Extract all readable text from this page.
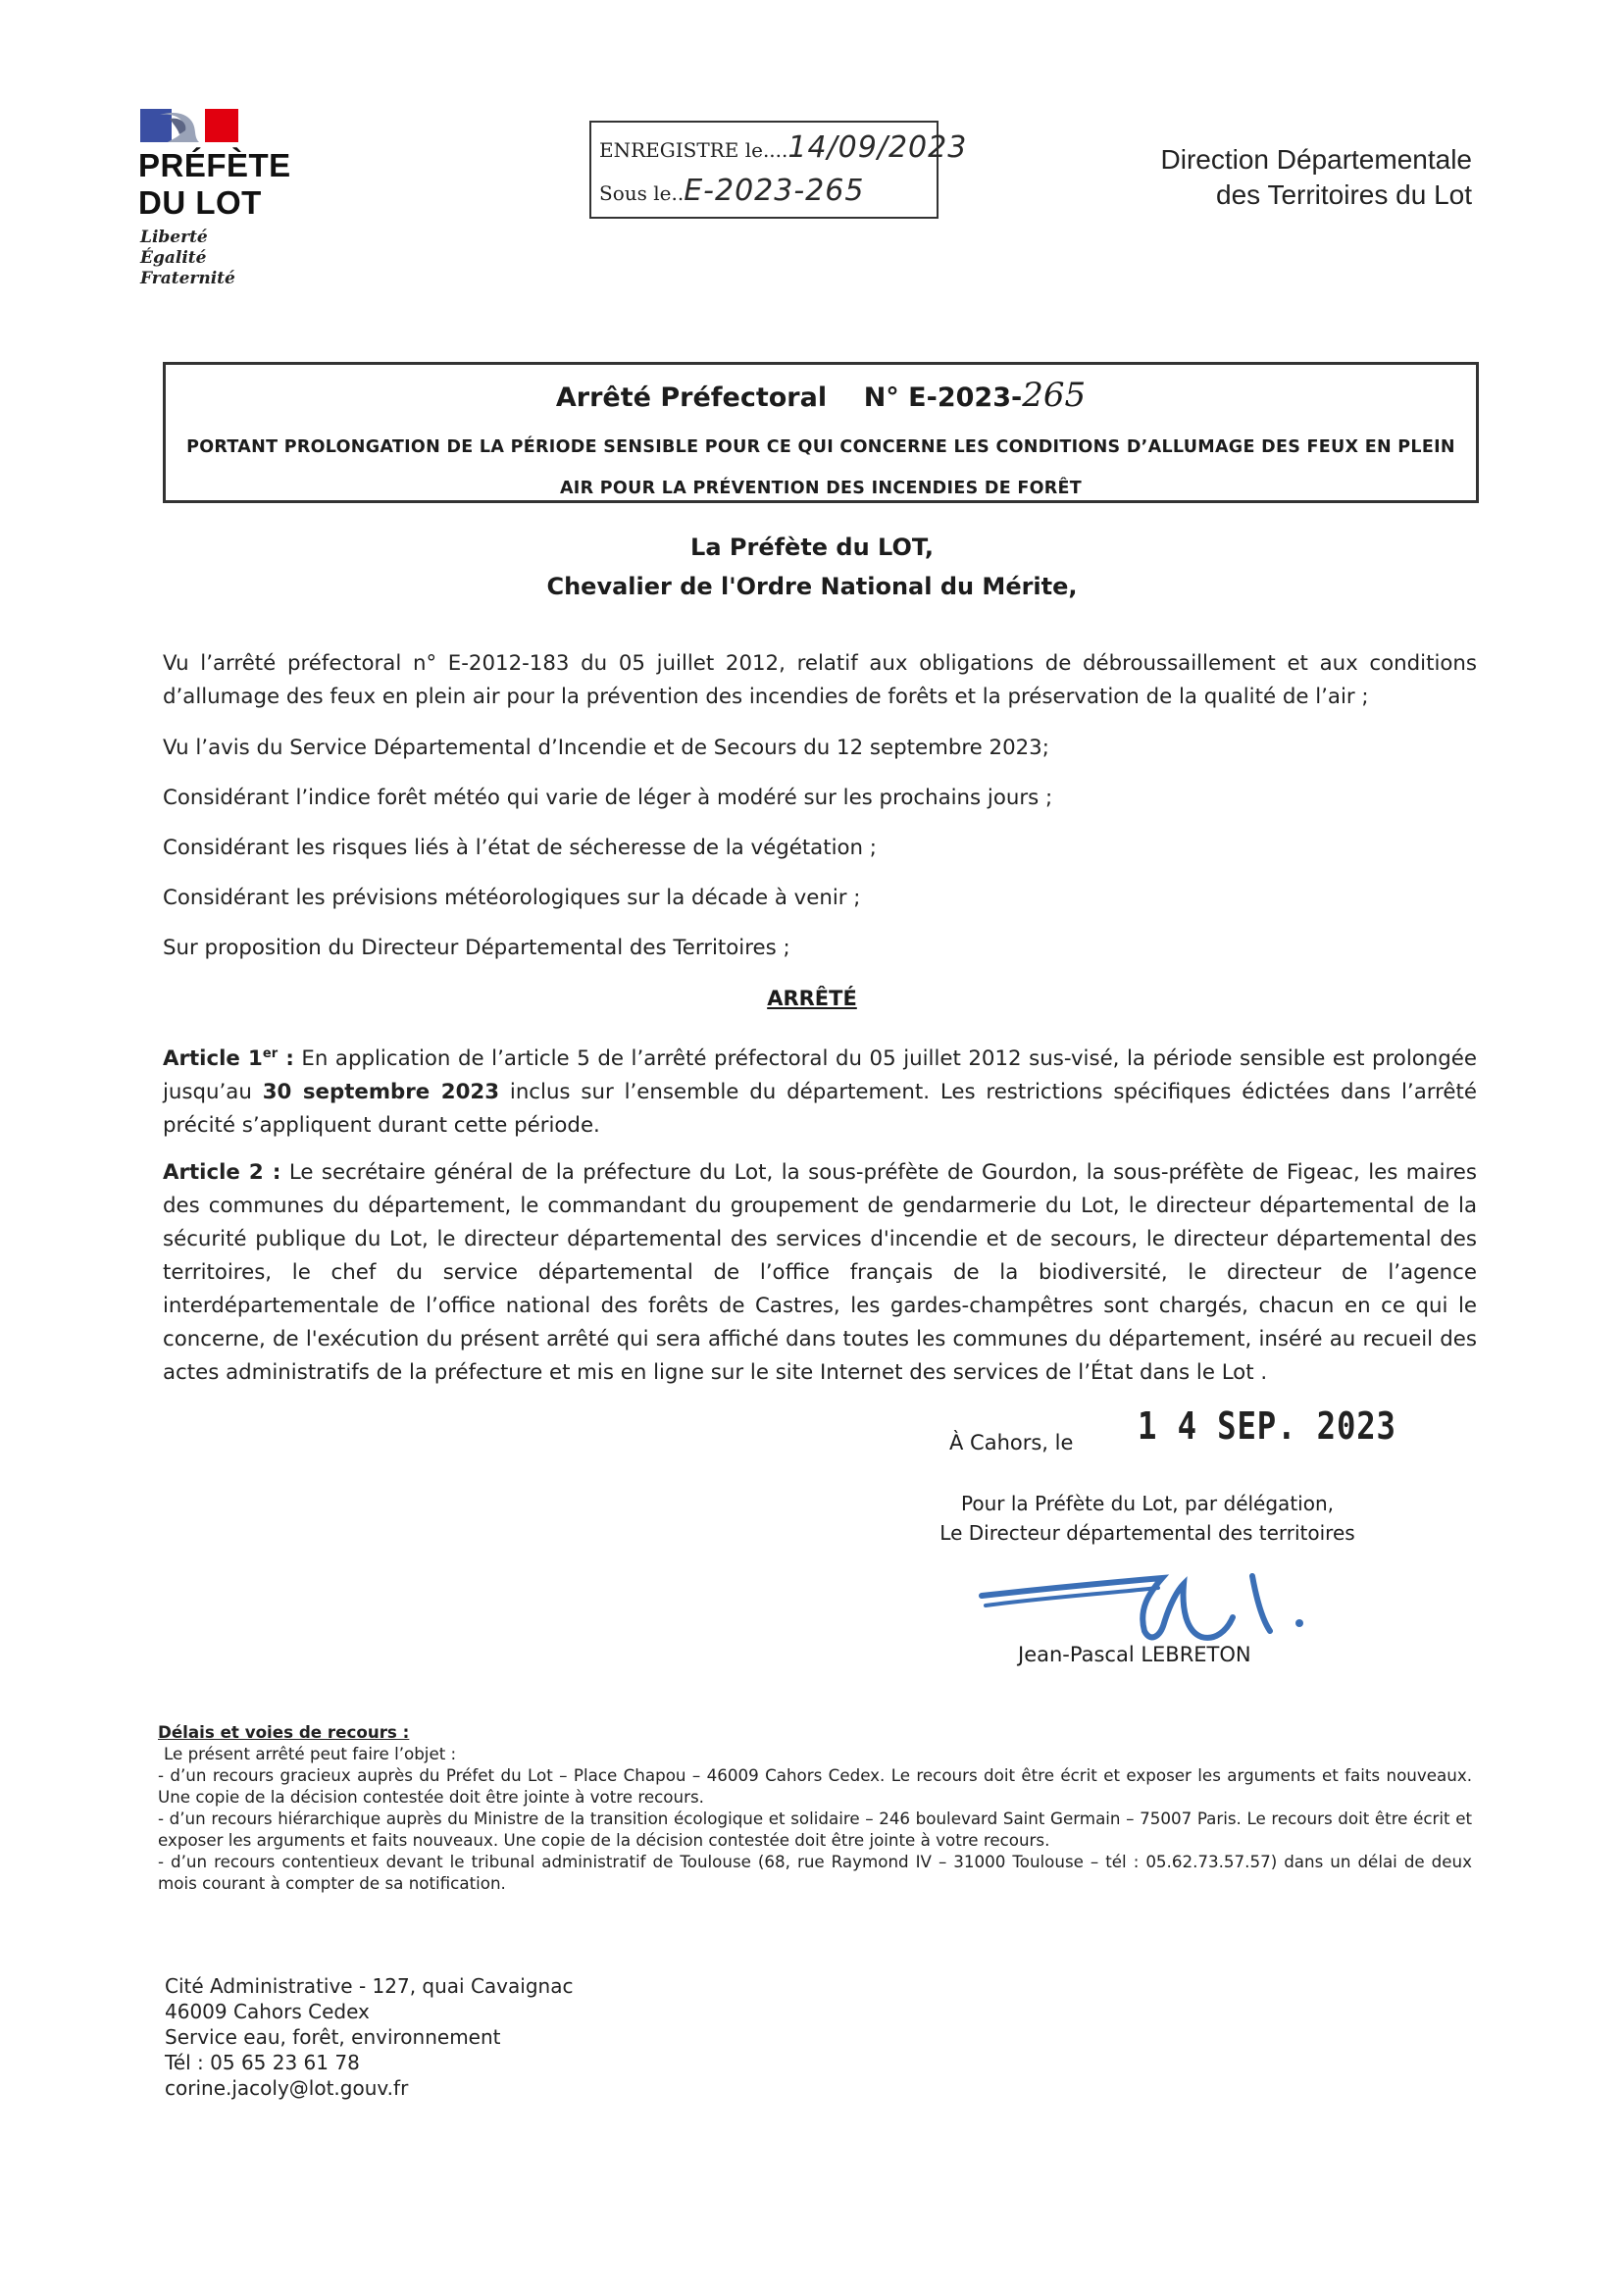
PRÉFÈTE
DU LOT
Liberté
Égalité
Fraternité
ENREGISTRE le....14/09/2023
Sous le..E-2023-265
Direction Départementale
des Territoires du Lot
Arrêté Préfectoral N° E-2023-265
PORTANT PROLONGATION DE LA PÉRIODE SENSIBLE POUR CE QUI CONCERNE LES CONDITIONS D’ALLUMAGE DES FEUX EN PLEIN
AIR POUR LA PRÉVENTION DES INCENDIES DE FORÊT
La Préfète du LOT,
Chevalier de l'Ordre National du Mérite,
Vu l’arrêté préfectoral n° E-2012-183 du 05 juillet 2012, relatif aux obligations de débroussaillement et aux conditions d’allumage des feux en plein air pour la prévention des incendies de forêts et la préservation de la qualité de l’air ;
Vu l’avis du Service Départemental d’Incendie et de Secours du 12 septembre 2023;
Considérant l’indice forêt météo qui varie de léger à modéré sur les prochains jours ;
Considérant les risques liés à l’état de sécheresse de la végétation ;
Considérant les prévisions météorologiques sur la décade à venir ;
Sur proposition du Directeur Départemental des Territoires ;
ARRÊTÉ
Article 1er : En application de l’article 5 de l’arrêté préfectoral du 05 juillet 2012 sus-visé, la période sensible est prolongée jusqu’au 30 septembre 2023 inclus sur l’ensemble du département. Les restrictions spécifiques édictées dans l’arrêté précité s’appliquent durant cette période.
Article 2 : Le secrétaire général de la préfecture du Lot, la sous-préfète de Gourdon, la sous-préfète de Figeac, les maires des communes du département, le commandant du groupement de gendarmerie du Lot, le directeur départemental de la sécurité publique du Lot, le directeur départemental des services d'incendie et de secours, le directeur départemental des territoires, le chef du service départemental de l’office français de la biodiversité, le directeur de l’agence interdépartementale de l’office national des forêts de Castres, les gardes-champêtres sont chargés, chacun en ce qui le concerne, de l'exécution du présent arrêté qui sera affiché dans toutes les communes du département, inséré au recueil des actes administratifs de la préfecture et mis en ligne sur le site Internet des services de l’État dans le Lot .
À Cahors, le 1 4 SEP. 2023
Pour la Préfète du Lot, par délégation,
Le Directeur départemental des territoires
Jean-Pascal LEBRETON
Délais et voies de recours :
Le présent arrêté peut faire l’objet :
- d’un recours gracieux auprès du Préfet du Lot – Place Chapou – 46009 Cahors Cedex. Le recours doit être écrit et exposer les arguments et faits nouveaux. Une copie de la décision contestée doit être jointe à votre recours.
- d’un recours hiérarchique auprès du Ministre de la transition écologique et solidaire – 246 boulevard Saint Germain – 75007 Paris. Le recours doit être écrit et exposer les arguments et faits nouveaux. Une copie de la décision contestée doit être jointe à votre recours.
- d’un recours contentieux devant le tribunal administratif de Toulouse (68, rue Raymond IV – 31000 Toulouse – tél : 05.62.73.57.57) dans un délai de deux mois courant à compter de sa notification.
Cité Administrative - 127, quai Cavaignac
46009 Cahors Cedex
Service eau, forêt, environnement
Tél : 05 65 23 61 78
corine.jacoly@lot.gouv.fr
